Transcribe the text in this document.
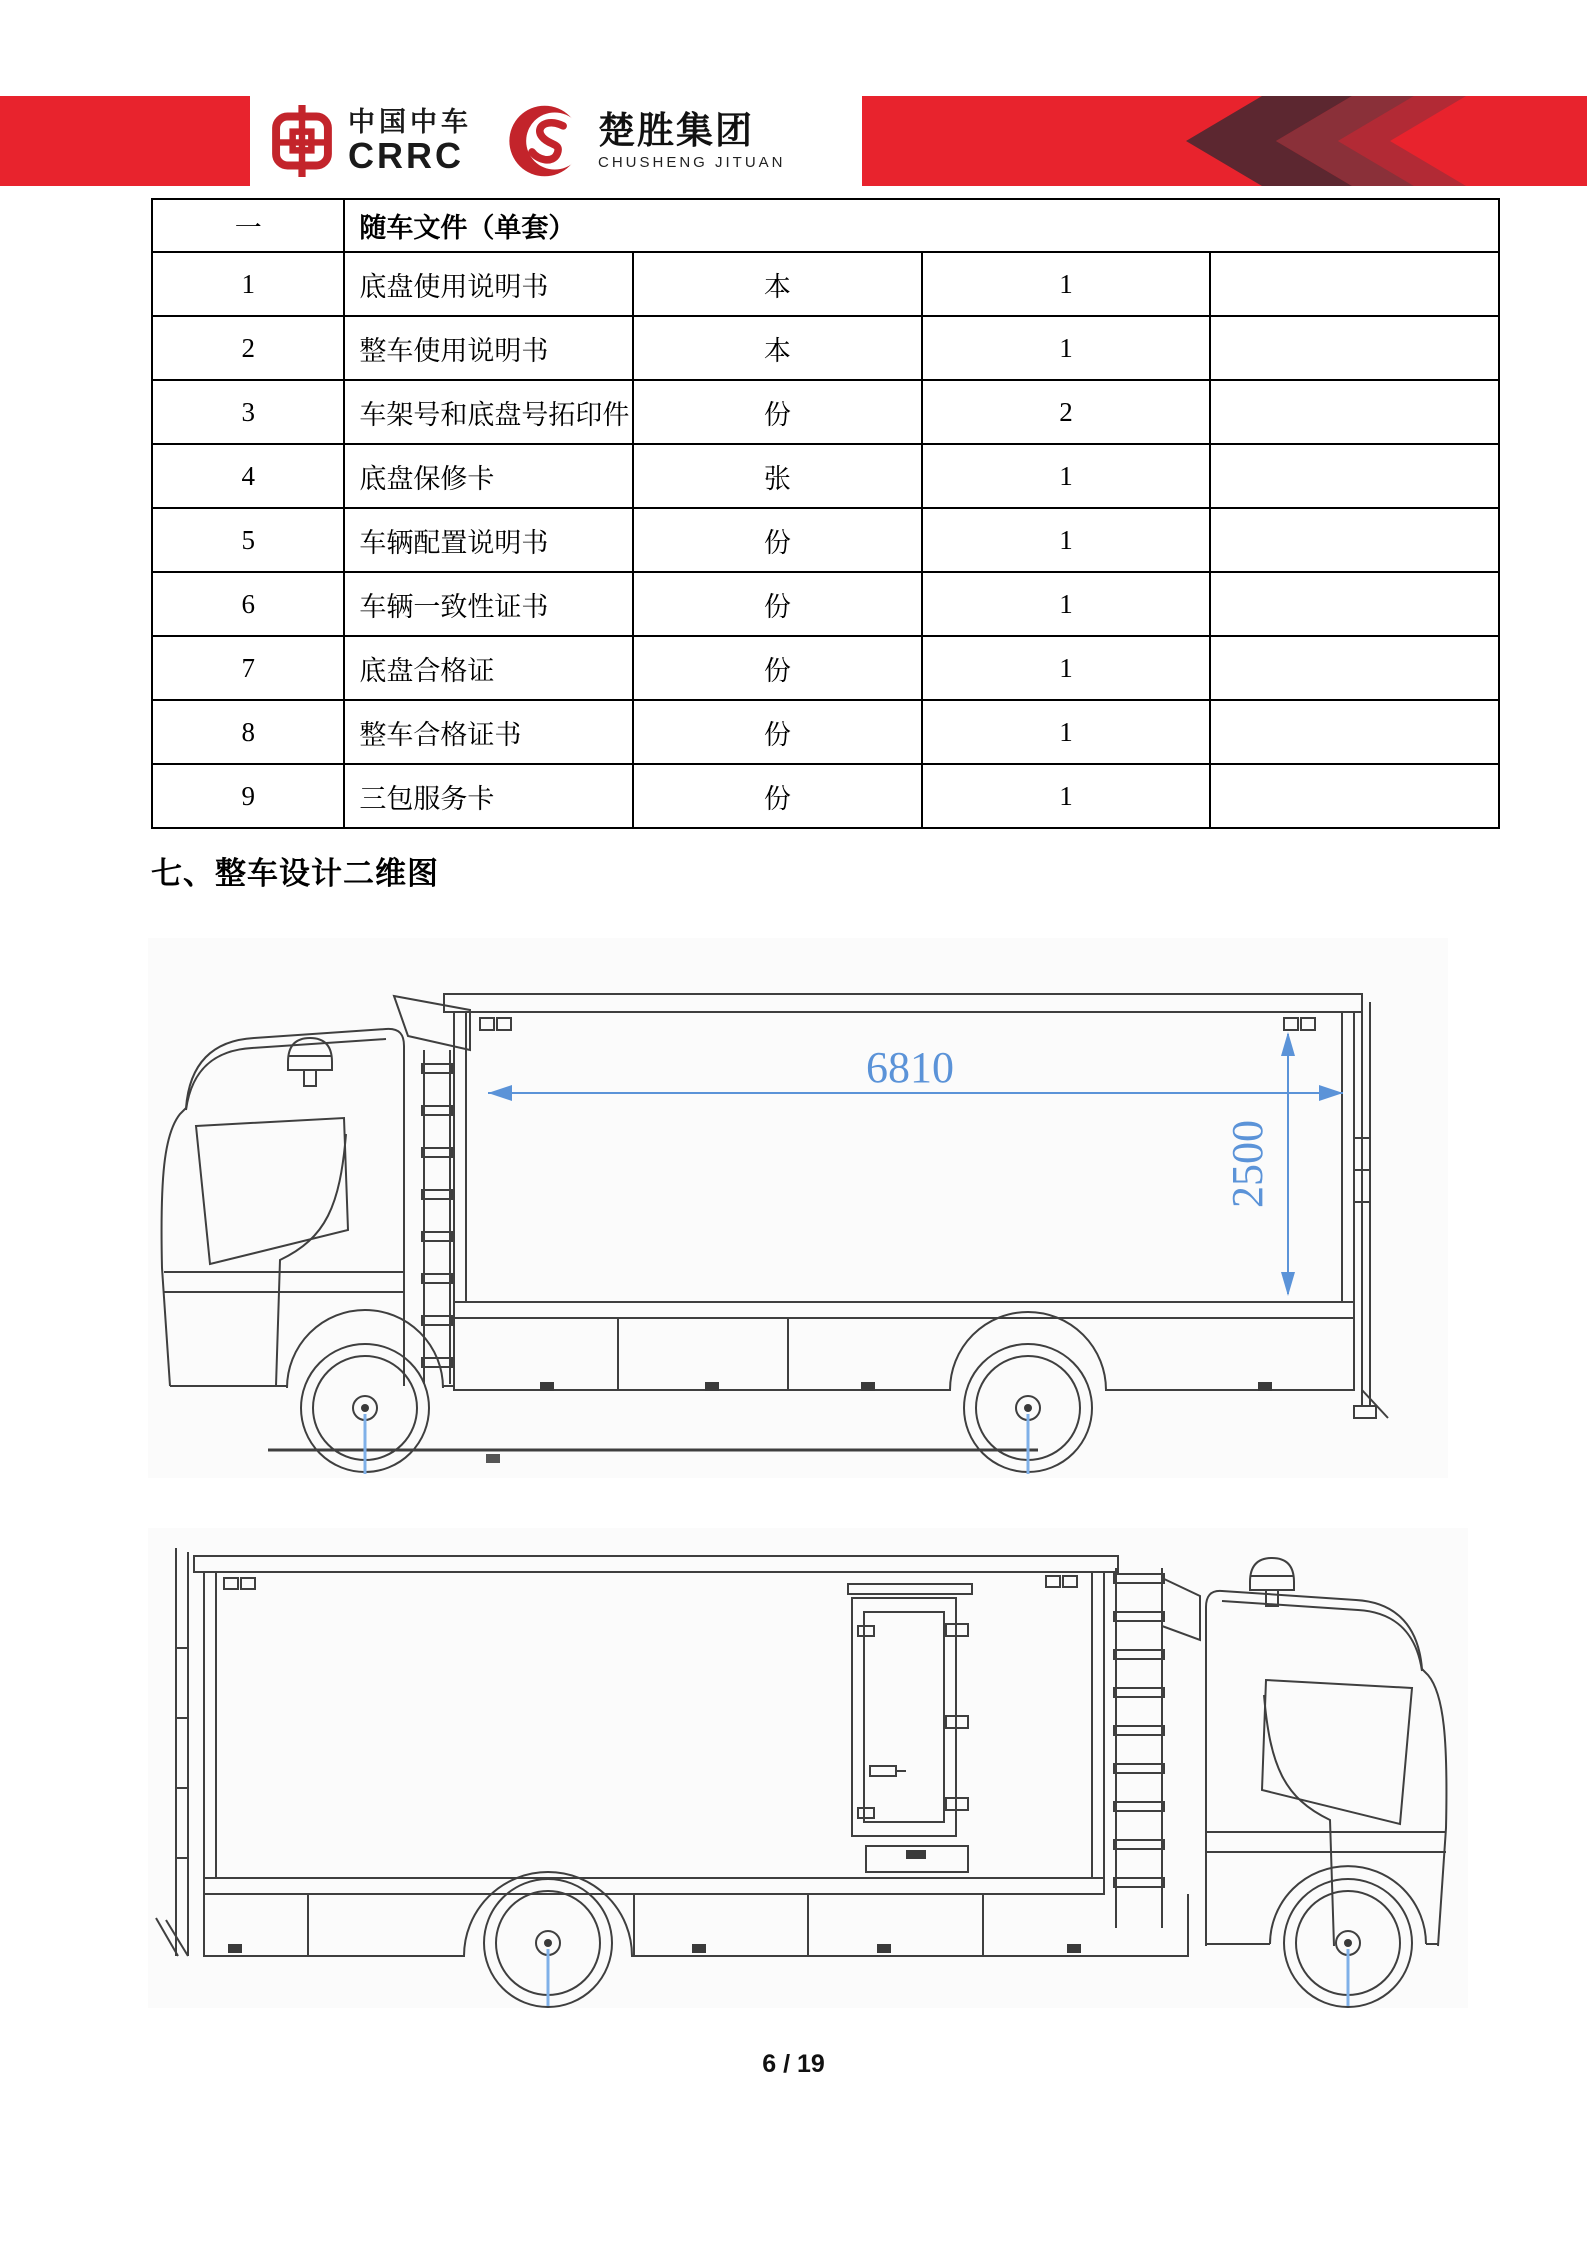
中国中车
CRRC
楚胜集团
CHUSHENG JITUAN
一	随车文件（单套）			
1	底盘使用说明书	本	1	
2	整车使用说明书	本	1	
3	车架号和底盘号拓印件	份	2	
4	底盘保修卡	张	1	
5	车辆配置说明书	份	1	
6	车辆一致性证书	份	1	
7	底盘合格证	份	1	
8	整车合格证书	份	1	
9	三包服务卡	份	1	
七、整车设计二维图
6810
2500
6 / 19
